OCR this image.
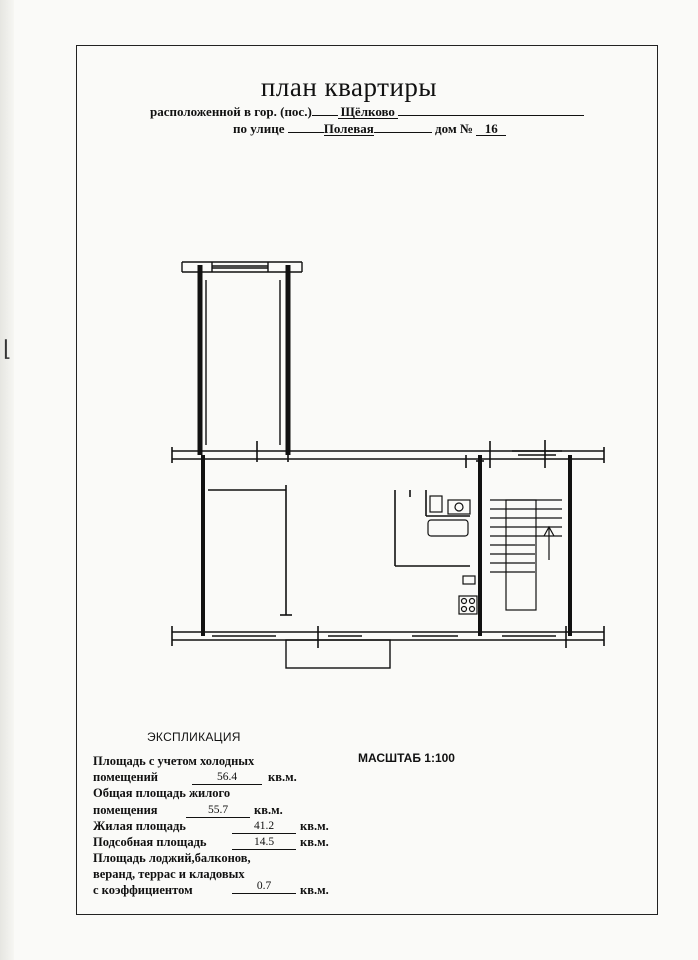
⌊
план квартиры
расположенной в гор. (пос.) Щёлково
по улице	Полевая	дом № 16
ЭКСПЛИКАЦИЯ
МАСШТАБ 1:100
Площадь с учетом холодных
помещений	56.4	кв.м.
Общая площадь жилого
помещения	55.7	кв.м.
Жилая площадь	41.2	кв.м.
Подсобная площадь	14.5	кв.м.
Площадь лоджий,балконов,
веранд, террас и кладовых
с коэффициентом	0.7	кв.м.
